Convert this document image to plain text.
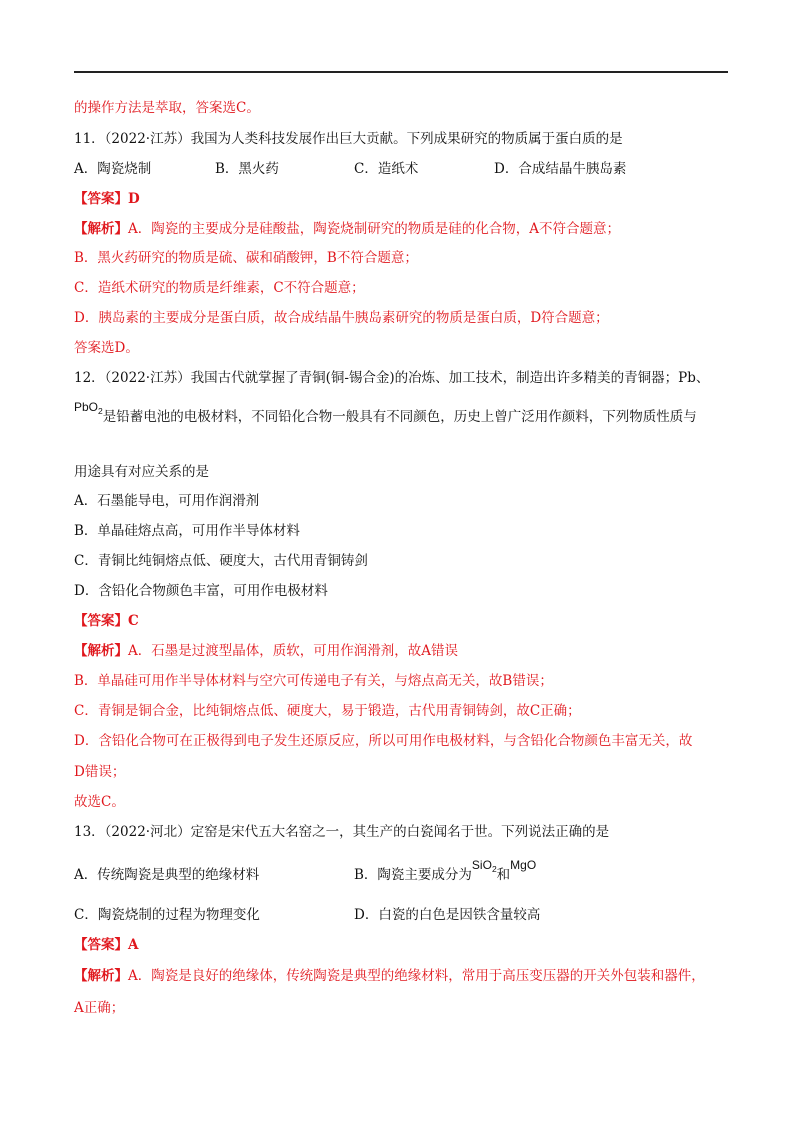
的操作方法是萃取，答案选C。
11．（2022·江苏）我国为人类科技发展作出巨大贡献。下列成果研究的物质属于蛋白质的是
A．陶瓷烧制	B．黑火药	C．造纸术	D．合成结晶牛胰岛素
【答案】D
【解析】A．陶瓷的主要成分是硅酸盐，陶瓷烧制研究的物质是硅的化合物，A不符合题意；
B．黑火药研究的物质是硫、碳和硝酸钾，B不符合题意；
C．造纸术研究的物质是纤维素，C不符合题意；
D．胰岛素的主要成分是蛋白质，故合成结晶牛胰岛素研究的物质是蛋白质，D符合题意；
答案选D。
12．（2022·江苏）我国古代就掌握了青铜(铜-锡合金)的冶炼、加工技术，制造出许多精美的青铜器；Pb、
PbO$_2$是铅蓄电池的电极材料，不同铅化合物一般具有不同颜色，历史上曾广泛用作颜料，下列物质性质与
用途具有对应关系的是
A．石墨能导电，可用作润滑剂
B．单晶硅熔点高，可用作半导体材料
C．青铜比纯铜熔点低、硬度大，古代用青铜铸剑
D．含铅化合物颜色丰富，可用作电极材料
【答案】C
【解析】A．石墨是过渡型晶体，质软，可用作润滑剂，故A错误
B．单晶硅可用作半导体材料与空穴可传递电子有关，与熔点高无关，故B错误；
C．青铜是铜合金，比纯铜熔点低、硬度大，易于锻造，古代用青铜铸剑，故C正确；
D．含铅化合物可在正极得到电子发生还原反应，所以可用作电极材料，与含铅化合物颜色丰富无关，故
D错误；
故选C。
13．（2022·河北）定窑是宋代五大名窑之一，其生产的白瓷闻名于世。下列说法正确的是
A．传统陶瓷是典型的绝缘材料	B．陶瓷主要成分为SiO$_2$和MgO
C．陶瓷烧制的过程为物理变化	D．白瓷的白色是因铁含量较高
【答案】A
【解析】A．陶瓷是良好的绝缘体，传统陶瓷是典型的绝缘材料，常用于高压变压器的开关外包装和器件，
A正确；
